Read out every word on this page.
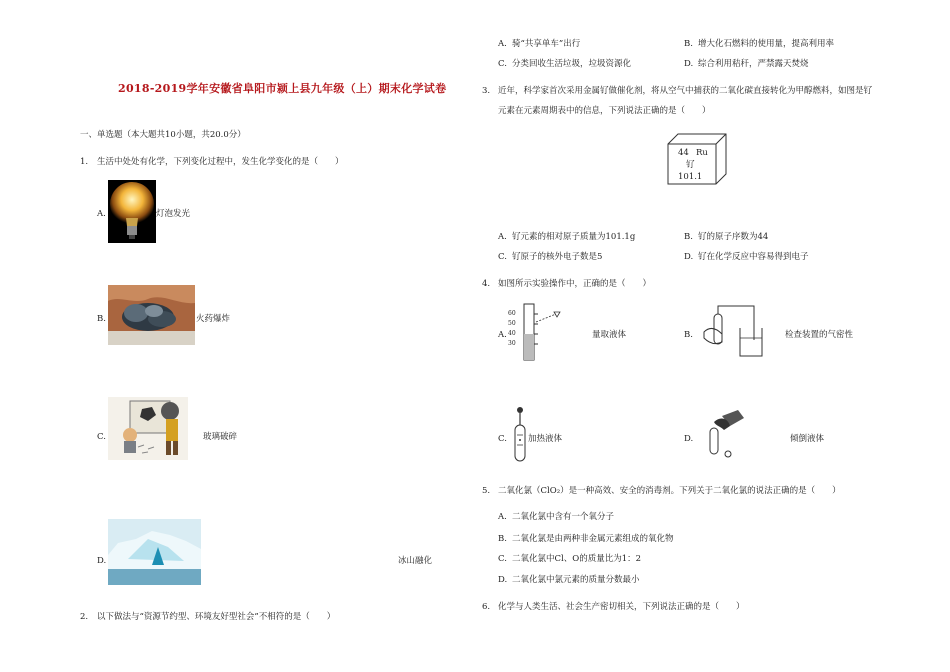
2018-2019学年安徽省阜阳市颍上县九年级（上）期末化学试卷
一、单选题（本大题共10小题，共20.0分）
1. 生活中处处有化学，下列变化过程中，发生化学变化的是（　　）
A.	灯泡发光
B.	火药爆炸
C.	玻璃破碎
D.	冰山融化
2. 以下做法与“资源节约型、环境友好型社会”不相符的是（　　）
A. 骑“共享单车”出行	B. 增大化石燃料的使用量，提高利用率
C. 分类回收生活垃圾，垃圾资源化	D. 综合利用秸秆，严禁露天焚烧
3. 近年，科学家首次采用金属钌做催化剂，将从空气中捕获的二氧化碳直接转化为甲醇燃料，如图是钌
元素在元素周期表中的信息，下列说法正确的是（　　）
44 Ru
钌
101.1
A. 钌元素的相对原子质量为101.1g	B. 钌的原子序数为44
C. 钌原子的核外电子数是5	D. 钌在化学反应中容易得到电子
4. 如图所示实验操作中，正确的是（　　）
A.
60
50
40
30
量取液体	B.	检查装置的气密性
C. 加热液体	D.	倾倒液体
5. 二氧化氯（ClO₂）是一种高效、安全的消毒剂。下列关于二氧化氯的说法正确的是（　　）
A. 二氧化氯中含有一个氧分子
B. 二氧化氯是由两种非金属元素组成的氧化物
C. 二氧化氯中Cl、O的质量比为1：2
D. 二氧化氯中氯元素的质量分数最小
6. 化学与人类生活、社会生产密切相关，下列说法正确的是（　　）
